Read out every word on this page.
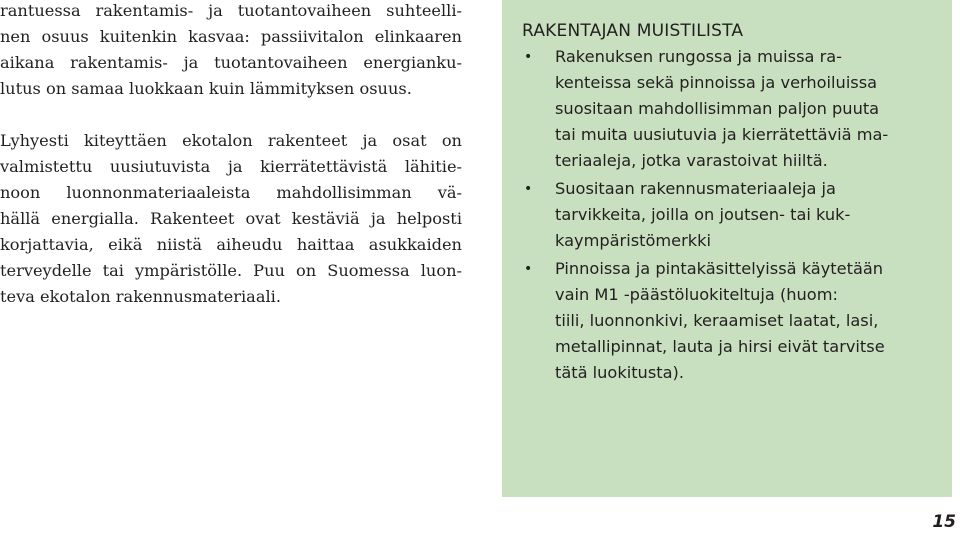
rantuessa rakentamis- ja tuotantovaiheen suhteelli-
nen osuus kuitenkin kasvaa: passiivitalon elinkaaren
aikana rakentamis- ja tuotantovaiheen energianku-
lutus on samaa luokkaan kuin lämmityksen osuus.
Lyhyesti kiteyttäen ekotalon rakenteet ja osat on
valmistettu uusiutuvista ja kierrätettävistä lähitie-
noon luonnonmateriaaleista mahdollisimman vä-
hällä energialla. Rakenteet ovat kestäviä ja helposti
korjattavia, eikä niistä aiheudu haittaa asukkaiden
terveydelle tai ympäristölle. Puu on Suomessa luon-
teva ekotalon rakennusmateriaali.
RAKENTAJAN MUISTILISTA
• Rakenuksen rungossa ja muissa ra-
kenteissa sekä pinnoissa ja verhoiluissa
suositaan mahdollisimman paljon puuta
tai muita uusiutuvia ja kierrätettäviä ma-
teriaaleja, jotka varastoivat hiiltä.
• Suositaan rakennusmateriaaleja ja
tarvikkeita, joilla on joutsen- tai kuk-
kaympäristömerkki
• Pinnoissa ja pintakäsittelyissä käytetään
vain M1 -päästöluokiteltuja (huom:
tiili, luonnonkivi, keraamiset laatat, lasi,
metallipinnat, lauta ja hirsi eivät tarvitse
tätä luokitusta).
15
